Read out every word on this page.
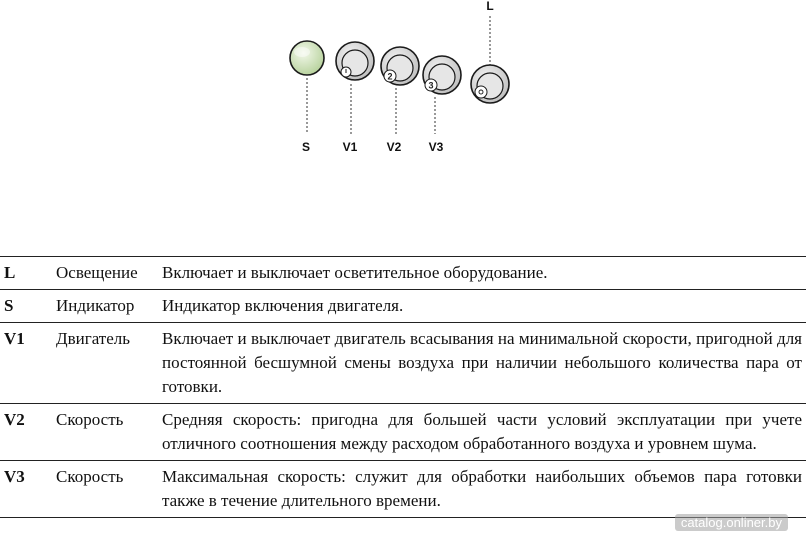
L
2
3
S	V1 V2 V3
L Освещение Включает и выключает осветительное оборудование.
S	Индикатор Индикатор включения двигателя.
V1 Двигатель Включает и выключает двигатель всасывания на минимальной скорости, пригодной для постоянной бесшумной смены воздуха при наличии небольшого количества пара от готовки.
V2 Скорость Средняя скорость: пригодна для большей части условий эксплуатации при учете отличного соотношения между расходом обработанного воздуха и уровнем шума.
V3 Скорость Максимальная скорость: служит для обработки наибольших объемов пара готовки также в течение длительного времени.
catalog.onliner.by
